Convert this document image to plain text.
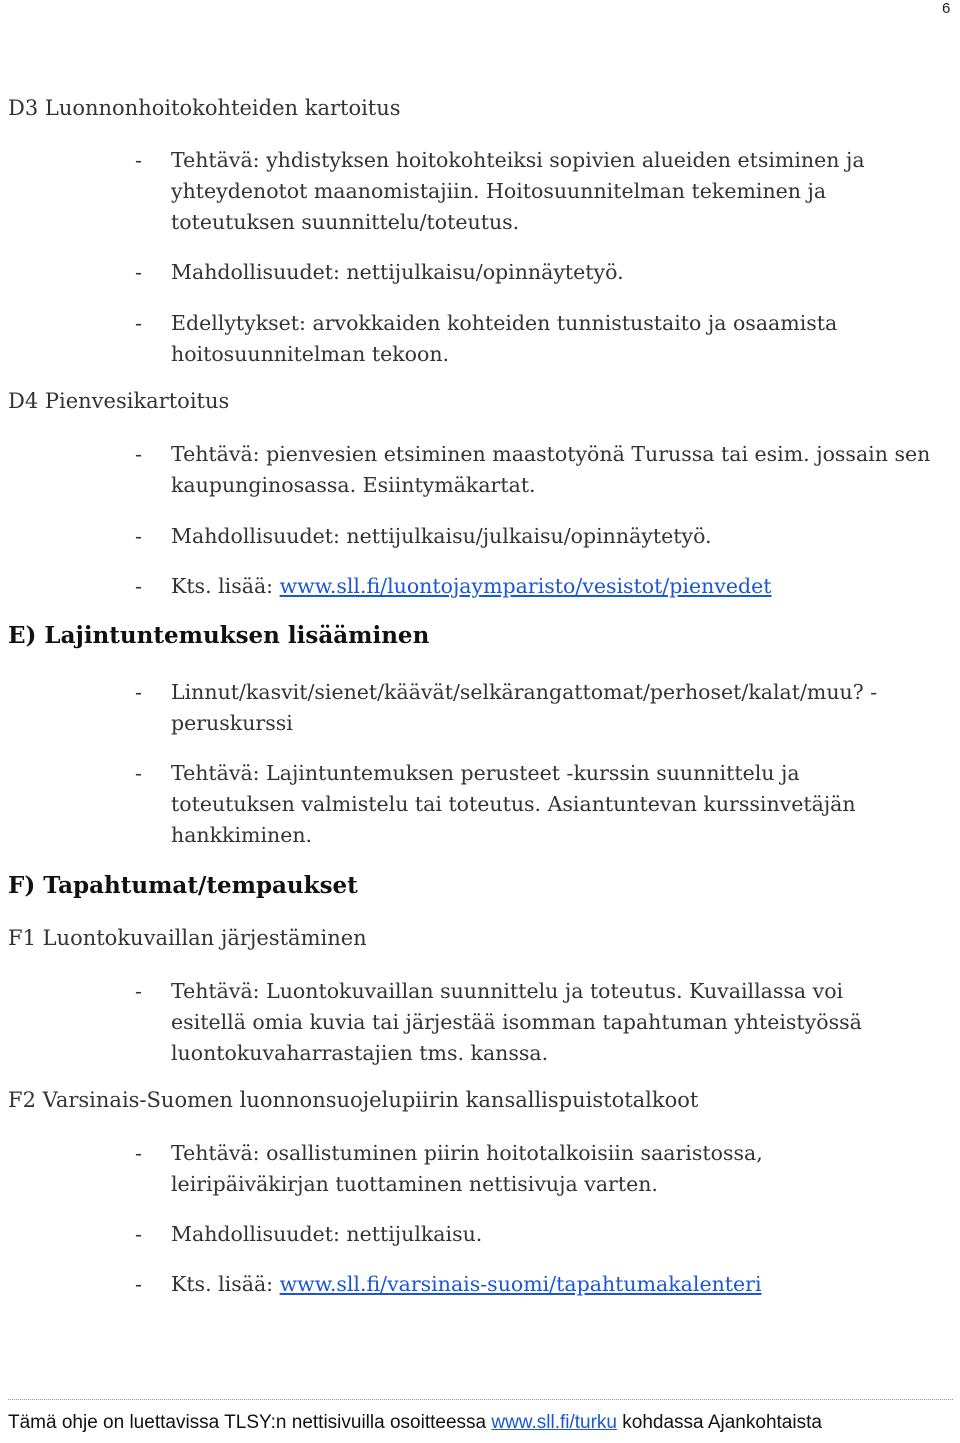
6
D3 Luonnonhoitokohteiden kartoitus
-	Tehtävä: yhdistyksen hoitokohteiksi sopivien alueiden etsiminen ja yhteydenotot maanomistajiin. Hoitosuunnitelman tekeminen ja toteutuksen suunnittelu/toteutus.
-	Mahdollisuudet: nettijulkaisu/opinnäytetyö.
-	Edellytykset: arvokkaiden kohteiden tunnistustaito ja osaamista hoitosuunnitelman tekoon.
D4 Pienvesikartoitus
-	Tehtävä: pienvesien etsiminen maastotyönä Turussa tai esim. jossain sen kaupunginosassa. Esiintymäkartat.
-	Mahdollisuudet: nettijulkaisu/julkaisu/opinnäytetyö.
-	Kts. lisää: www.sll.fi/luontojaymparisto/vesistot/pienvedet
E) Lajintuntemuksen lisääminen
-	Linnut/kasvit/sienet/käävät/selkärangattomat/perhoset/kalat/muu? - peruskurssi
-	Tehtävä: Lajintuntemuksen perusteet -kurssin suunnittelu ja toteutuksen valmistelu tai toteutus. Asiantuntevan kurssinvetäjän hankkiminen.
F) Tapahtumat/tempaukset
F1 Luontokuvaillan järjestäminen
-	Tehtävä: Luontokuvaillan suunnittelu ja toteutus. Kuvaillassa voi esitellä omia kuvia tai järjestää isomman tapahtuman yhteistyössä luontokuvaharrastajien tms. kanssa.
F2 Varsinais-Suomen luonnonsuojelupiirin kansallispuistotalkoot
-	Tehtävä: osallistuminen piirin hoitotalkoisiin saaristossa, leiripäiväkirjan tuottaminen nettisivuja varten.
-	Mahdollisuudet: nettijulkaisu.
-	Kts. lisää: www.sll.fi/varsinais-suomi/tapahtumakalenteri
Tämä ohje on luettavissa TLSY:n nettisivuilla osoitteessa www.sll.fi/turku kohdassa Ajankohtaista
